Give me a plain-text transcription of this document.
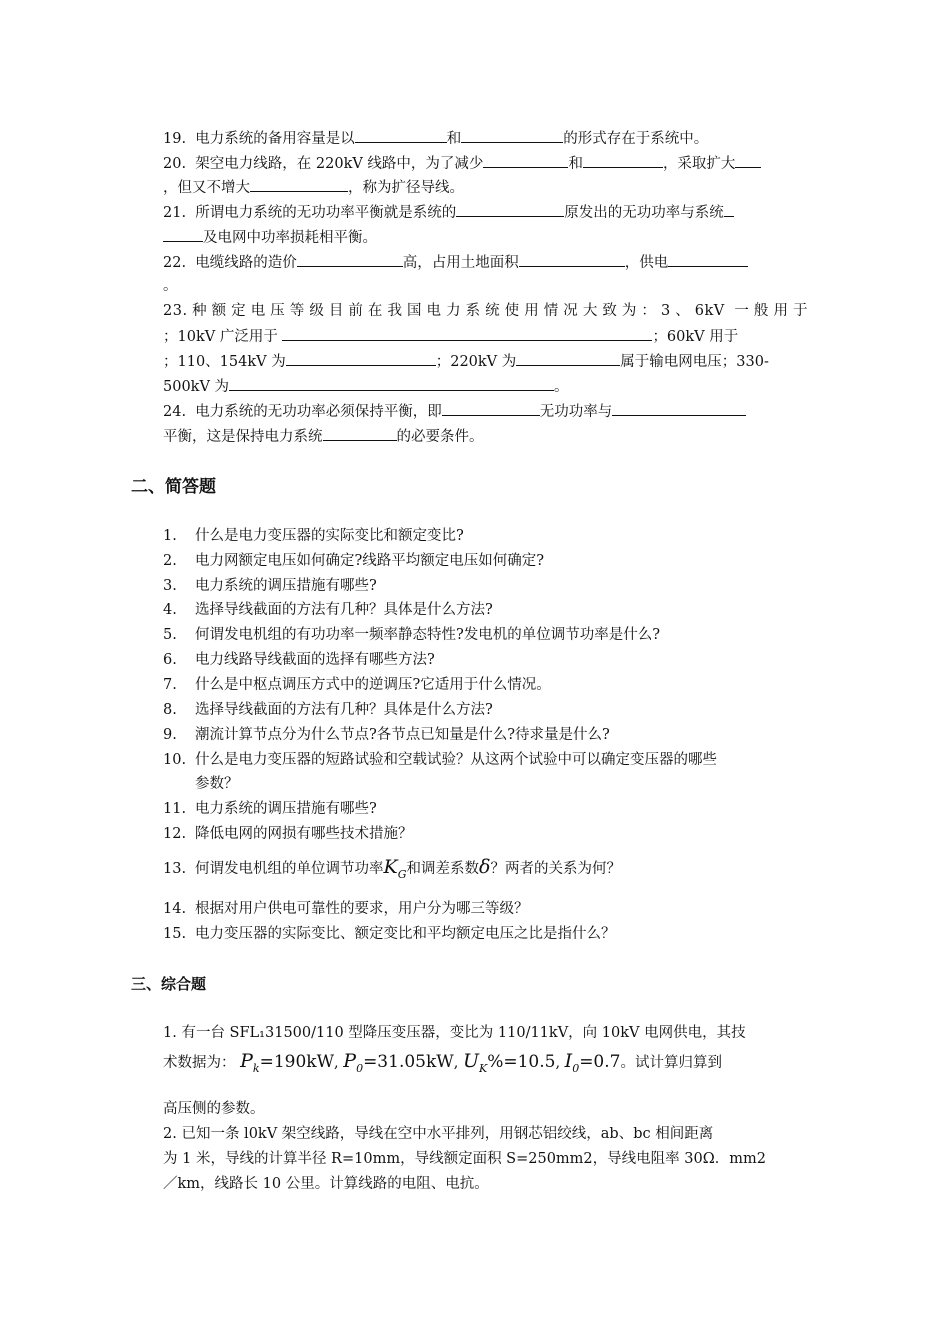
19. 电力系统的备用容量是以	和	的形式存在于系统中。
20. 架空电力线路，在 220kV 线路中，为了减少	和	，采取扩大
，但又不增大	，称为扩径导线。
21. 所谓电力系统的无功功率平衡就是系统的	原发出的无功功率与系统
及电网中功率损耗相平衡。
22. 电缆线路的造价	高，占用土地面积	，供电
。
23.种额定电压等级目前在我国电力系统使用情况大致为：3、6kV 一般用于
；10kV 广泛用于	；60kV 用于
；110、154kV 为	；220kV 为	属于输电网电压；330-
500kV 为	。
24. 电力系统的无功功率必须保持平衡，即	无功功率与
平衡，这是保持电力系统	的必要条件。
二、简答题
1. 什么是电力变压器的实际变比和额定变比?
2. 电力网额定电压如何确定?线路平均额定电压如何确定?
3. 电力系统的调压措施有哪些?
4. 选择导线截面的方法有几种？具体是什么方法?
5. 何谓发电机组的有功功率一频率静态特性?发电机的单位调节功率是什么?
6. 电力线路导线截面的选择有哪些方法?
7. 什么是中枢点调压方式中的逆调压?它适用于什么情况。
8. 选择导线截面的方法有几种？具体是什么方法?
9. 潮流计算节点分为什么节点?各节点已知量是什么?待求量是什么?
10. 什么是电力变压器的短路试验和空载试验？从这两个试验中可以确定变压器的哪些
参数？
11. 电力系统的调压措施有哪些?
12. 降低电网的网损有哪些技术措施？
13. 何谓发电机组的单位调节功率$K_G$和调差系数δ？两者的关系为何？
14. 根据对用户供电可靠性的要求，用户分为哪三等级？
15. 电力变压器的实际变比、额定变比和平均额定电压之比是指什么？
三、综合题
1. 有一台 SFL₁31500/110 型降压变压器，变比为 110/11kV，向 10kV 电网供电，其技
术数据为： $P_k=190kW$, $P_0=31.05kW$, $U_K\%=10.5$, $I_0=0.7$。试计算归算到
高压侧的参数。
2. 已知一条 l0kV 架空线路，导线在空中水平排列，用钢芯铝绞线，ab、bc 相间距离
为 1 米，导线的计算半径 R=10mm，导线额定面积 S=250mm2，导线电阻率 30Ω．mm2
／km，线路长 10 公里。计算线路的电阻、电抗。
